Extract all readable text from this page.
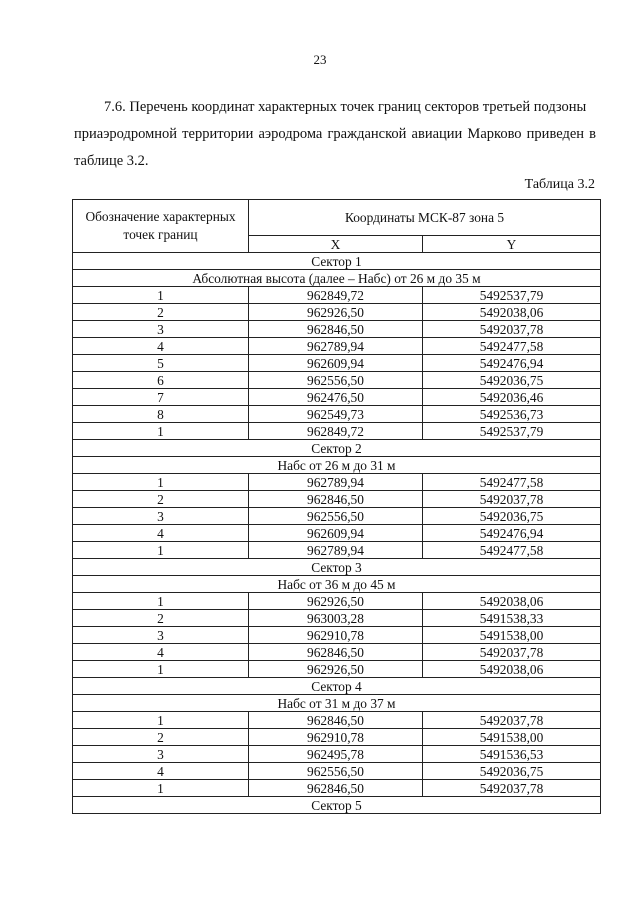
23
7.6. Перечень координат характерных точек границ секторов третьей подзоны
приаэродромной территории аэродрома гражданской авиации Марково приведен в таблице 3.2.
Таблица 3.2
Обозначение характерных точек границ	Координаты МСК-87 зона 5	
	X	Y
Сектор 1		
Абсолютная высота (далее – Набс) от 26 м до 35 м		
1	962849,72	5492537,79
2	962926,50	5492038,06
3	962846,50	5492037,78
4	962789,94	5492477,58
5	962609,94	5492476,94
6	962556,50	5492036,75
7	962476,50	5492036,46
8	962549,73	5492536,73
1	962849,72	5492537,79
Сектор 2		
Набс от 26 м до 31 м		
1	962789,94	5492477,58
2	962846,50	5492037,78
3	962556,50	5492036,75
4	962609,94	5492476,94
1	962789,94	5492477,58
Сектор 3		
Набс от 36 м до 45 м		
1	962926,50	5492038,06
2	963003,28	5491538,33
3	962910,78	5491538,00
4	962846,50	5492037,78
1	962926,50	5492038,06
Сектор 4		
Набс от 31 м до 37 м		
1	962846,50	5492037,78
2	962910,78	5491538,00
3	962495,78	5491536,53
4	962556,50	5492036,75
1	962846,50	5492037,78
Сектор 5		
